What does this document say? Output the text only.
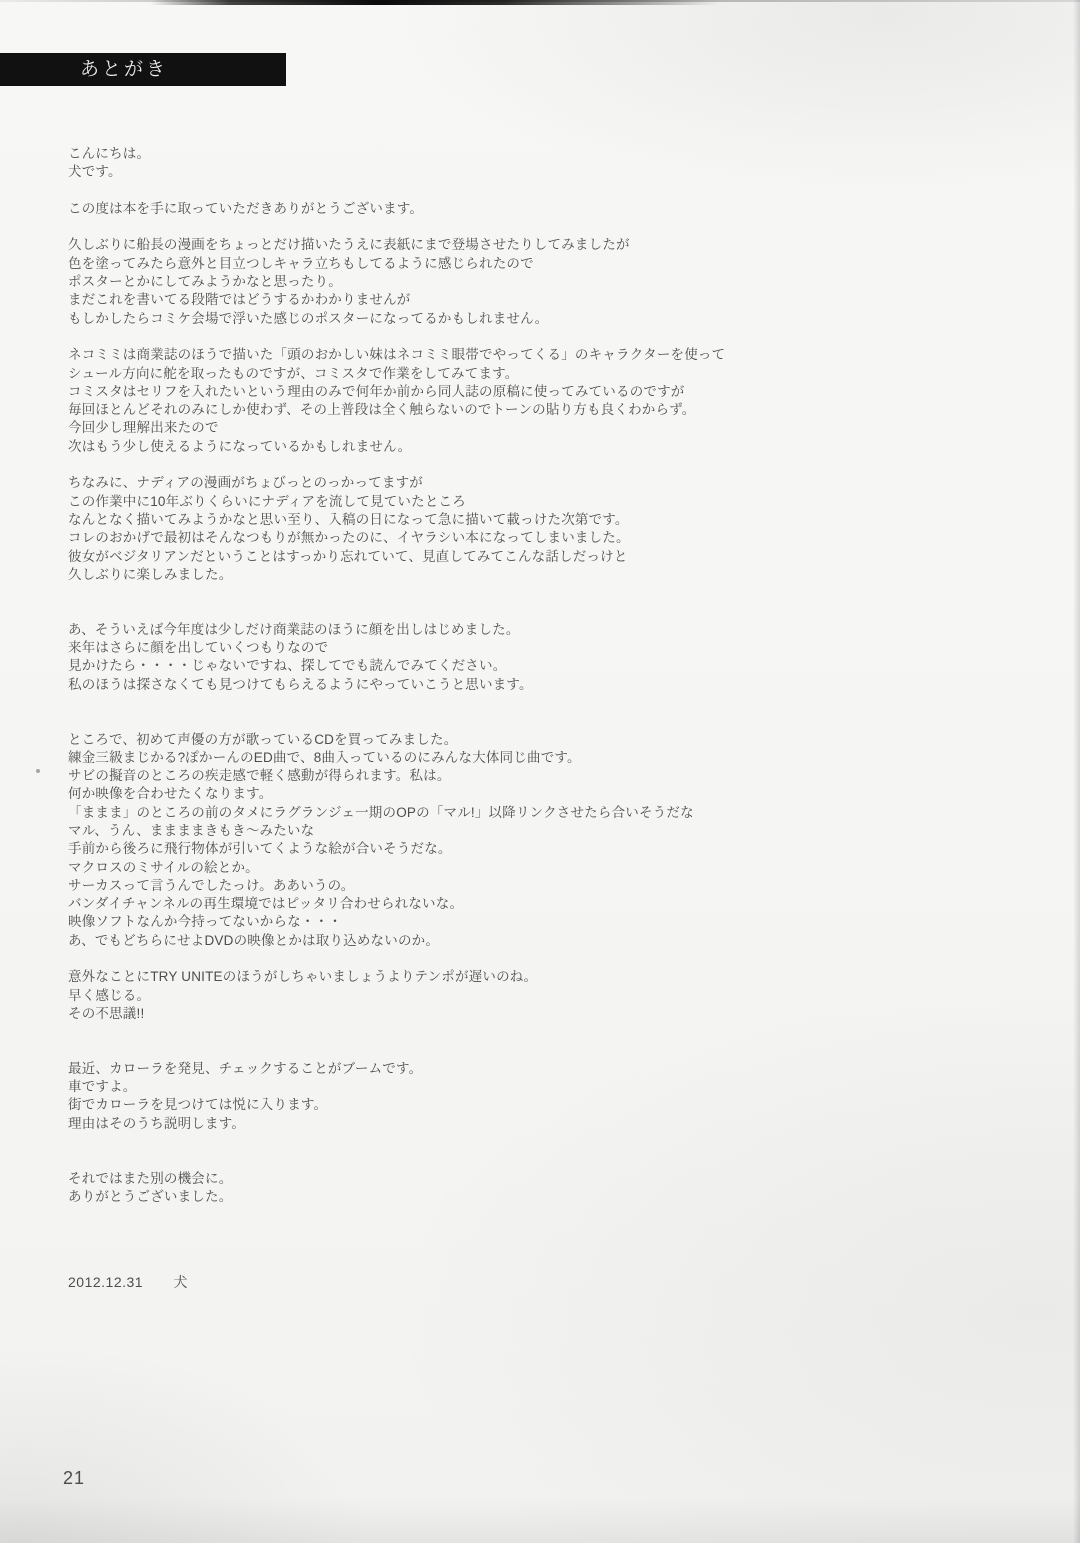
あとがき
こんにちは。
犬です。
この度は本を手に取っていただきありがとうございます。
久しぶりに船長の漫画をちょっとだけ描いたうえに表紙にまで登場させたりしてみましたが
色を塗ってみたら意外と目立つしキャラ立ちもしてるように感じられたので
ポスターとかにしてみようかなと思ったり。
まだこれを書いてる段階ではどうするかわかりませんが
もしかしたらコミケ会場で浮いた感じのポスターになってるかもしれません。
ネコミミは商業誌のほうで描いた「頭のおかしい妹はネコミミ眼帯でやってくる」のキャラクターを使って
シュール方向に舵を取ったものですが、コミスタで作業をしてみてます。
コミスタはセリフを入れたいという理由のみで何年か前から同人誌の原稿に使ってみているのですが
毎回ほとんどそれのみにしか使わず、その上普段は全く触らないのでトーンの貼り方も良くわからず。
今回少し理解出来たので
次はもう少し使えるようになっているかもしれません。
ちなみに、ナディアの漫画がちょびっとのっかってますが
この作業中に10年ぶりくらいにナディアを流して見ていたところ
なんとなく描いてみようかなと思い至り、入稿の日になって急に描いて載っけた次第です。
コレのおかげで最初はそんなつもりが無かったのに、イヤラシい本になってしまいました。
彼女がベジタリアンだということはすっかり忘れていて、見直してみてこんな話しだっけと
久しぶりに楽しみました。
あ、そういえば今年度は少しだけ商業誌のほうに顔を出しはじめました。
来年はさらに顔を出していくつもりなので
見かけたら・・・・じゃないですね、探してでも読んでみてください。
私のほうは探さなくても見つけてもらえるようにやっていこうと思います。
ところで、初めて声優の方が歌っているCDを買ってみました。
練金三級まじかる?ぽかーんのED曲で、8曲入っているのにみんな大体同じ曲です。
サビの擬音のところの疾走感で軽く感動が得られます。私は。
何か映像を合わせたくなります。
「ままま」のところの前のタメにラグランジェ一期のOPの「マル!」以降リンクさせたら合いそうだな
マル、うん、ままままきもき〜みたいな
手前から後ろに飛行物体が引いてくような絵が合いそうだな。
マクロスのミサイルの絵とか。
サーカスって言うんでしたっけ。ああいうの。
バンダイチャンネルの再生環境ではピッタリ合わせられないな。
映像ソフトなんか今持ってないからな・・・
あ、でもどちらにせよDVDの映像とかは取り込めないのか。
意外なことにTRY UNITEのほうがしちゃいましょうよりテンポが遅いのね。
早く感じる。
その不思議!!
最近、カローラを発見、チェックすることがブームです。
車ですよ。
街でカローラを見つけては悦に入ります。
理由はそのうち説明します。
それではまた別の機会に。
ありがとうございました。
2012.12.31 犬
21
